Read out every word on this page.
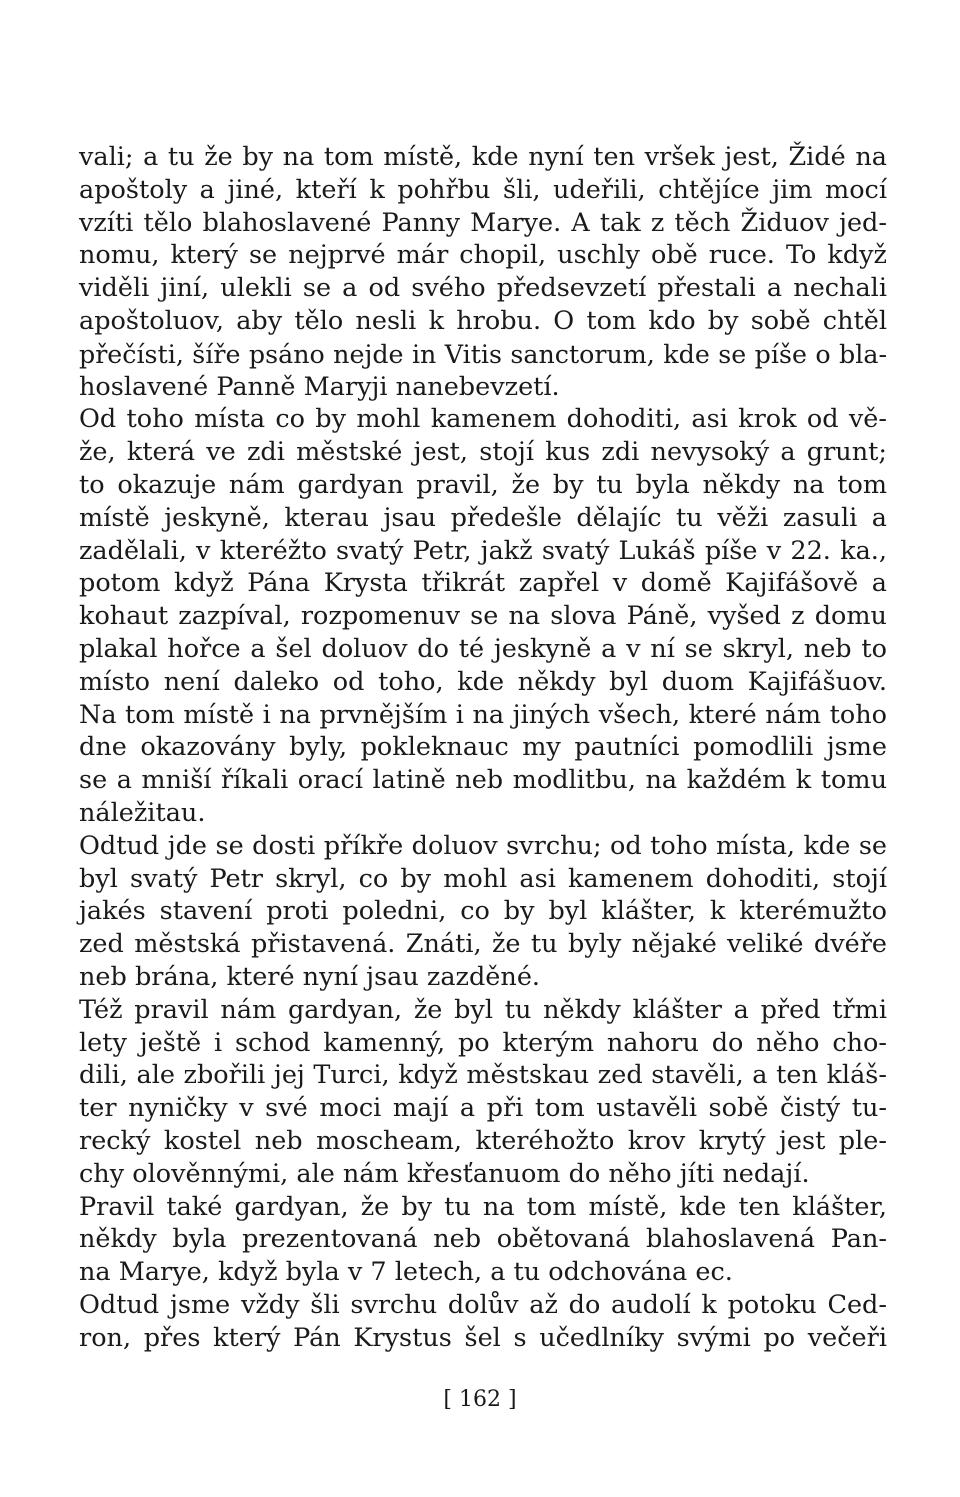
vali; a tu že by na tom místě, kde nyní ten vršek jest, Židé na
apoštoly a jiné, kteří k pohřbu šli, udeřili, chtějíce jim mocí
vzíti tělo blahoslavené Panny Marye. A tak z těch Židuov jed-
nomu, který se nejprvé már chopil, uschly obě ruce. To když
viděli jiní, ulekli se a od svého předsevzetí přestali a nechali
apoštoluov, aby tělo nesli k hrobu. O tom kdo by sobě chtěl
přečísti, šíře psáno nejde in Vitis sanctorum, kde se píše o bla-
hoslavené Panně Maryji nanebevzetí.

Od toho místa co by mohl kamenem dohoditi, asi krok od vě-
že, která ve zdi městské jest, stojí kus zdi nevysoký a grunt;
to okazuje nám gardyan pravil, že by tu byla někdy na tom
místě jeskyně, kterau jsau předešle dělajíc tu věži zasuli a
zadělali, v kteréžto svatý Petr, jakž svatý Lukáš píše v 22. ka.,
potom když Pána Krysta třikrát zapřel v domě Kajifášově a
kohaut zazpíval, rozpomenuv se na slova Páně, vyšed z domu
plakal hořce a šel doluov do té jeskyně a v ní se skryl, neb to
místo není daleko od toho, kde někdy byl duom Kajifášuov.
Na tom místě i na prvnějším i na jiných všech, které nám toho
dne okazovány byly, pokleknauc my pautníci pomodlili jsme
se a mniší říkali orací latině neb modlitbu, na každém k tomu
náležitau.

Odtud jde se dosti příkře doluov svrchu; od toho místa, kde se
byl svatý Petr skryl, co by mohl asi kamenem dohoditi, stojí
jakés stavení proti poledni, co by byl klášter, k kterémužto
zed městská přistavená. Znáti, že tu byly nějaké veliké dvéře
neb brána, které nyní jsau zazděné.

Též pravil nám gardyan, že byl tu někdy klášter a před třmi
lety ještě i schod kamenný, po kterým nahoru do něho cho-
dili, ale zbořili jej Turci, když městskau zed stavěli, a ten kláš-
ter nyničky v své moci mají a při tom ustavěli sobě čistý tu-
recký kostel neb moscheam, kteréhožto krov krytý jest ple-
chy olověnnými, ale nám křesťanuom do něho jíti nedají.

Pravil také gardyan, že by tu na tom místě, kde ten klášter,
někdy byla prezentovaná neb obětovaná blahoslavená Pan-
na Marye, když byla v 7 letech, a tu odchována ec.

Odtud jsme vždy šli svrchu dolův až do audolí k potoku Ced-
ron, přes který Pán Krystus šel s učedlníky svými po večeři

[ 162 ]
